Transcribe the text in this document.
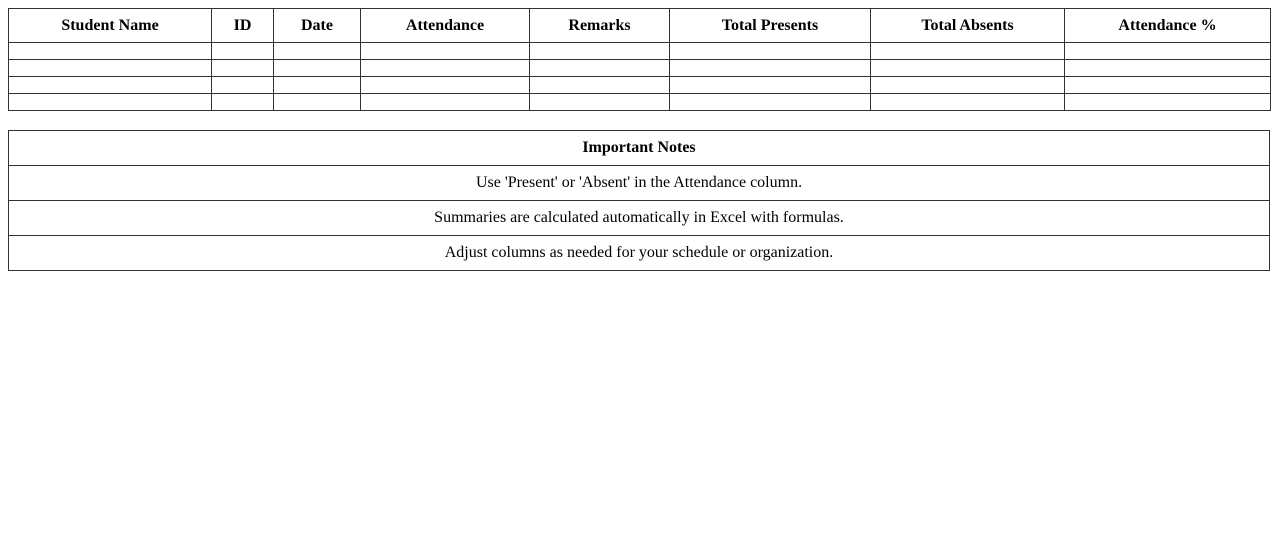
Student Name	ID	Date	Attendance	Remarks	Total Presents	Total Absents	Attendance %

Important Notes
Use 'Present' or 'Absent' in the Attendance column.
Summaries are calculated automatically in Excel with formulas.
Adjust columns as needed for your schedule or organization.
